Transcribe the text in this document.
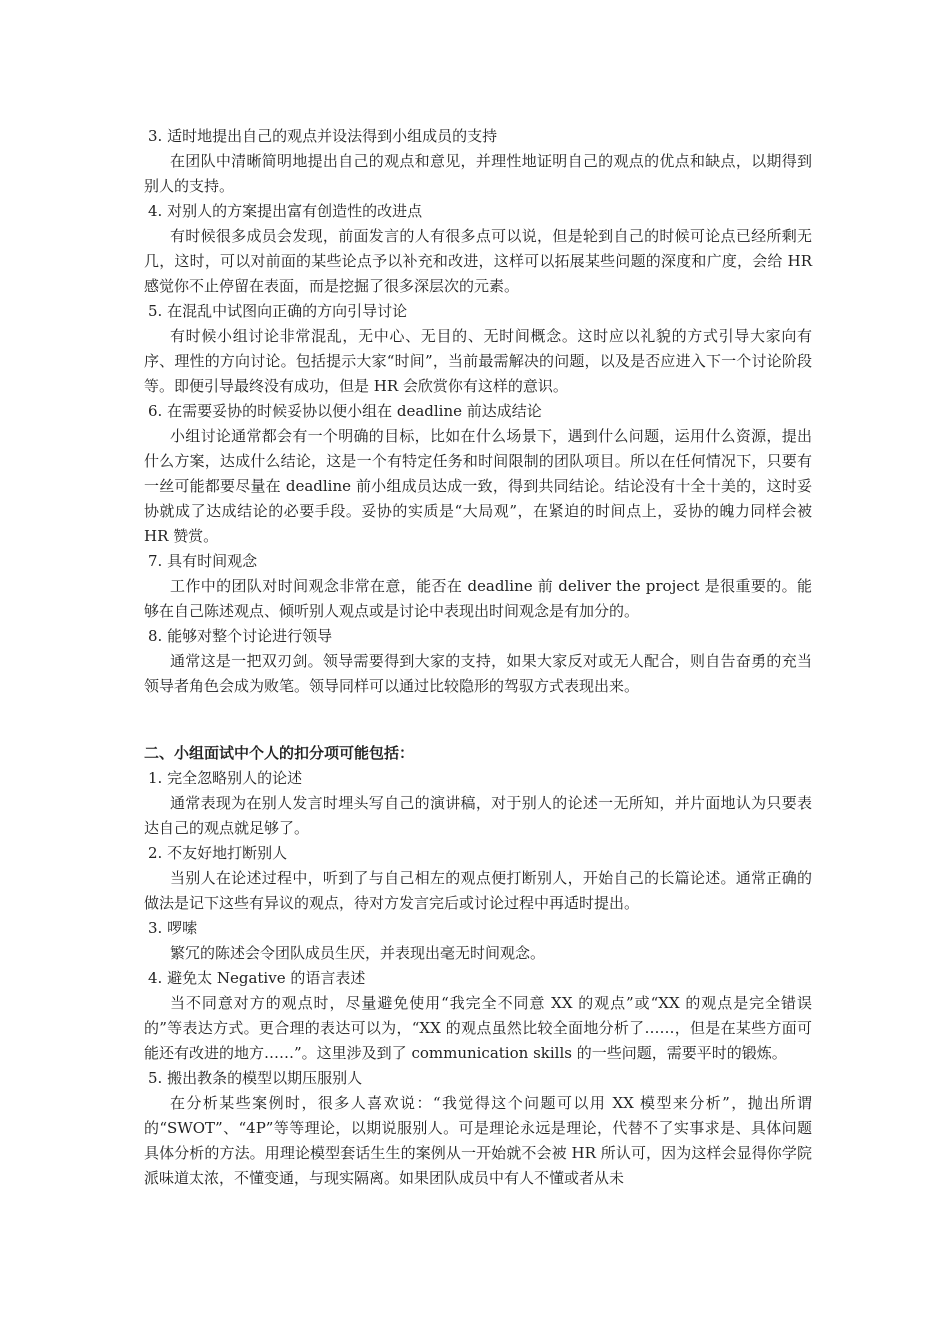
3. 适时地提出自己的观点并设法得到小组成员的支持

在团队中清晰简明地提出自己的观点和意见，并理性地证明自己的观点的优点和缺点，以期得到别人的支持。

4. 对别人的方案提出富有创造性的改进点

有时候很多成员会发现，前面发言的人有很多点可以说，但是轮到自己的时候可论点已经所剩无几，这时，可以对前面的某些论点予以补充和改进，这样可以拓展某些问题的深度和广度，会给 HR 感觉你不止停留在表面，而是挖掘了很多深层次的元素。

5. 在混乱中试图向正确的方向引导讨论

有时候小组讨论非常混乱，无中心、无目的、无时间概念。这时应以礼貌的方式引导大家向有序、理性的方向讨论。包括提示大家“时间”，当前最需解决的问题，以及是否应进入下一个讨论阶段等。即便引导最终没有成功，但是 HR 会欣赏你有这样的意识。

6. 在需要妥协的时候妥协以便小组在 deadline 前达成结论

小组讨论通常都会有一个明确的目标，比如在什么场景下，遇到什么问题，运用什么资源，提出什么方案，达成什么结论，这是一个有特定任务和时间限制的团队项目。所以在任何情况下，只要有一丝可能都要尽量在 deadline 前小组成员达成一致，得到共同结论。结论没有十全十美的，这时妥协就成了达成结论的必要手段。妥协的实质是“大局观”，在紧迫的时间点上，妥协的魄力同样会被 HR 赞赏。

7. 具有时间观念

工作中的团队对时间观念非常在意，能否在 deadline 前 deliver the project 是很重要的。能够在自己陈述观点、倾听别人观点或是讨论中表现出时间观念是有加分的。

8. 能够对整个讨论进行领导

通常这是一把双刃剑。领导需要得到大家的支持，如果大家反对或无人配合，则自告奋勇的充当领导者角色会成为败笔。领导同样可以通过比较隐形的驾驭方式表现出来。

二、小组面试中个人的扣分项可能包括：
1. 完全忽略别人的论述

通常表现为在别人发言时埋头写自己的演讲稿，对于别人的论述一无所知，并片面地认为只要表达自己的观点就足够了。

2. 不友好地打断别人

当别人在论述过程中，听到了与自己相左的观点便打断别人，开始自己的长篇论述。通常正确的做法是记下这些有异议的观点，待对方发言完后或讨论过程中再适时提出。

3. 啰嗦

繁冗的陈述会令团队成员生厌，并表现出毫无时间观念。

4. 避免太 Negative 的语言表述

当不同意对方的观点时，尽量避免使用“我完全不同意 XX 的观点”或“XX 的观点是完全错误的”等表达方式。更合理的表达可以为，“XX 的观点虽然比较全面地分析了……，但是在某些方面可能还有改进的地方……”。这里涉及到了 communication skills 的一些问题，需要平时的锻炼。

5. 搬出教条的模型以期压服别人

在分析某些案例时，很多人喜欢说：“我觉得这个问题可以用 XX 模型来分析”，抛出所谓的“SWOT”、“4P”等等理论，以期说服别人。可是理论永远是理论，代替不了实事求是、具体问题具体分析的方法。用理论模型套话生生的案例从一开始就不会被 HR 所认可，因为这样会显得你学院派味道太浓，不懂变通，与现实隔离。如果团队成员中有人不懂或者从未
